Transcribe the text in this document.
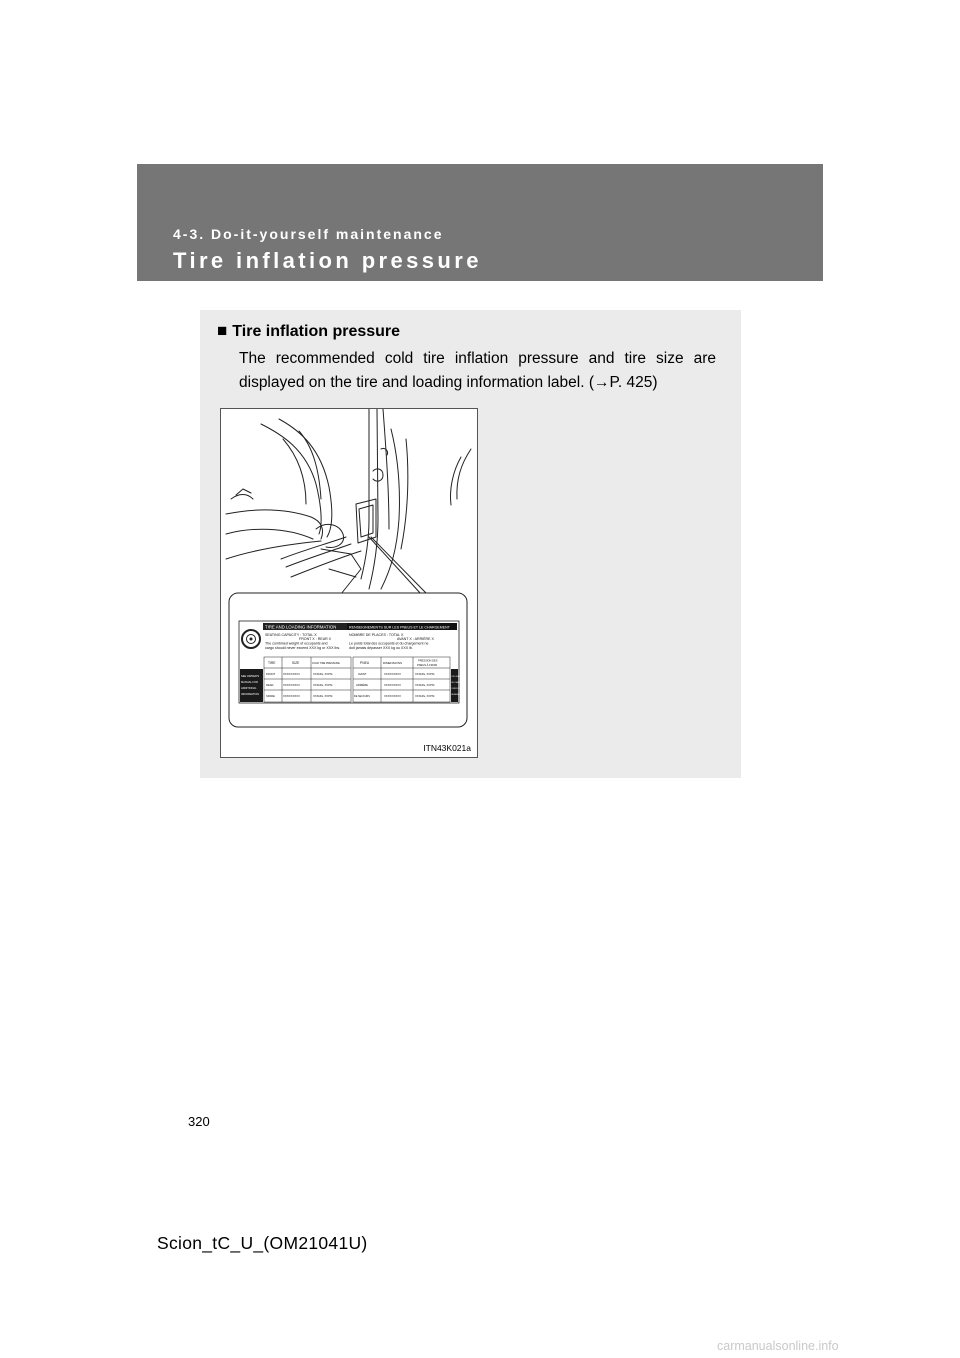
4-3. Do-it-yourself maintenance
Tire inflation pressure
■ Tire inflation pressure
The recommended cold tire inflation pressure and tire size are
displayed on the tire and loading information label. (→P. 425)
TIRE AND LOADING INFORMATION	RENSEIGNEMENTS SUR LES PNEUS ET LE CHARGEMENT
SEATING CAPACITY : TOTAL X
FRONT X : REAR X
The combined weight of occupants and
cargo should never exceed XXX kg or XXX lbs.
NOMBRE DE PLACES : TOTAL X
AVANT X : ARRIÈRE X
Le poids total des occupants et du chargement ne
doit jamais dépasser XXX kg ou XXX lb.
SEE OWNER'S
MANUAL FOR
ADDITIONAL
INFORMATION
VOIR LE MANUEL
DE L'USAGER
POUR PLUS DE
RENSEIGNEMENTS
TIRE	SIZE	COLD TIRE PRESSURE	PNEU	DIMENSIONS	PRESSION DES
PNEUS À FROID
FRONT	XXXX/XXXXX	XXXkPa, XXPSI	AVANT	XXXX/XXXXX	XXXkPa, XXPSI
REAR	XXXX/XXXXX	XXXkPa, XXPSI	ARRIÈRE	XXXX/XXXXX	XXXkPa, XXPSI
SPARE	XXXX/XXXXX	XXXkPa, XXPSI	DE SECOURS	XXXX/XXXXX	XXXkPa, XXPSI
ITN43K021a
320
Scion_tC_U_(OM21041U)
carmanualsonline.info
